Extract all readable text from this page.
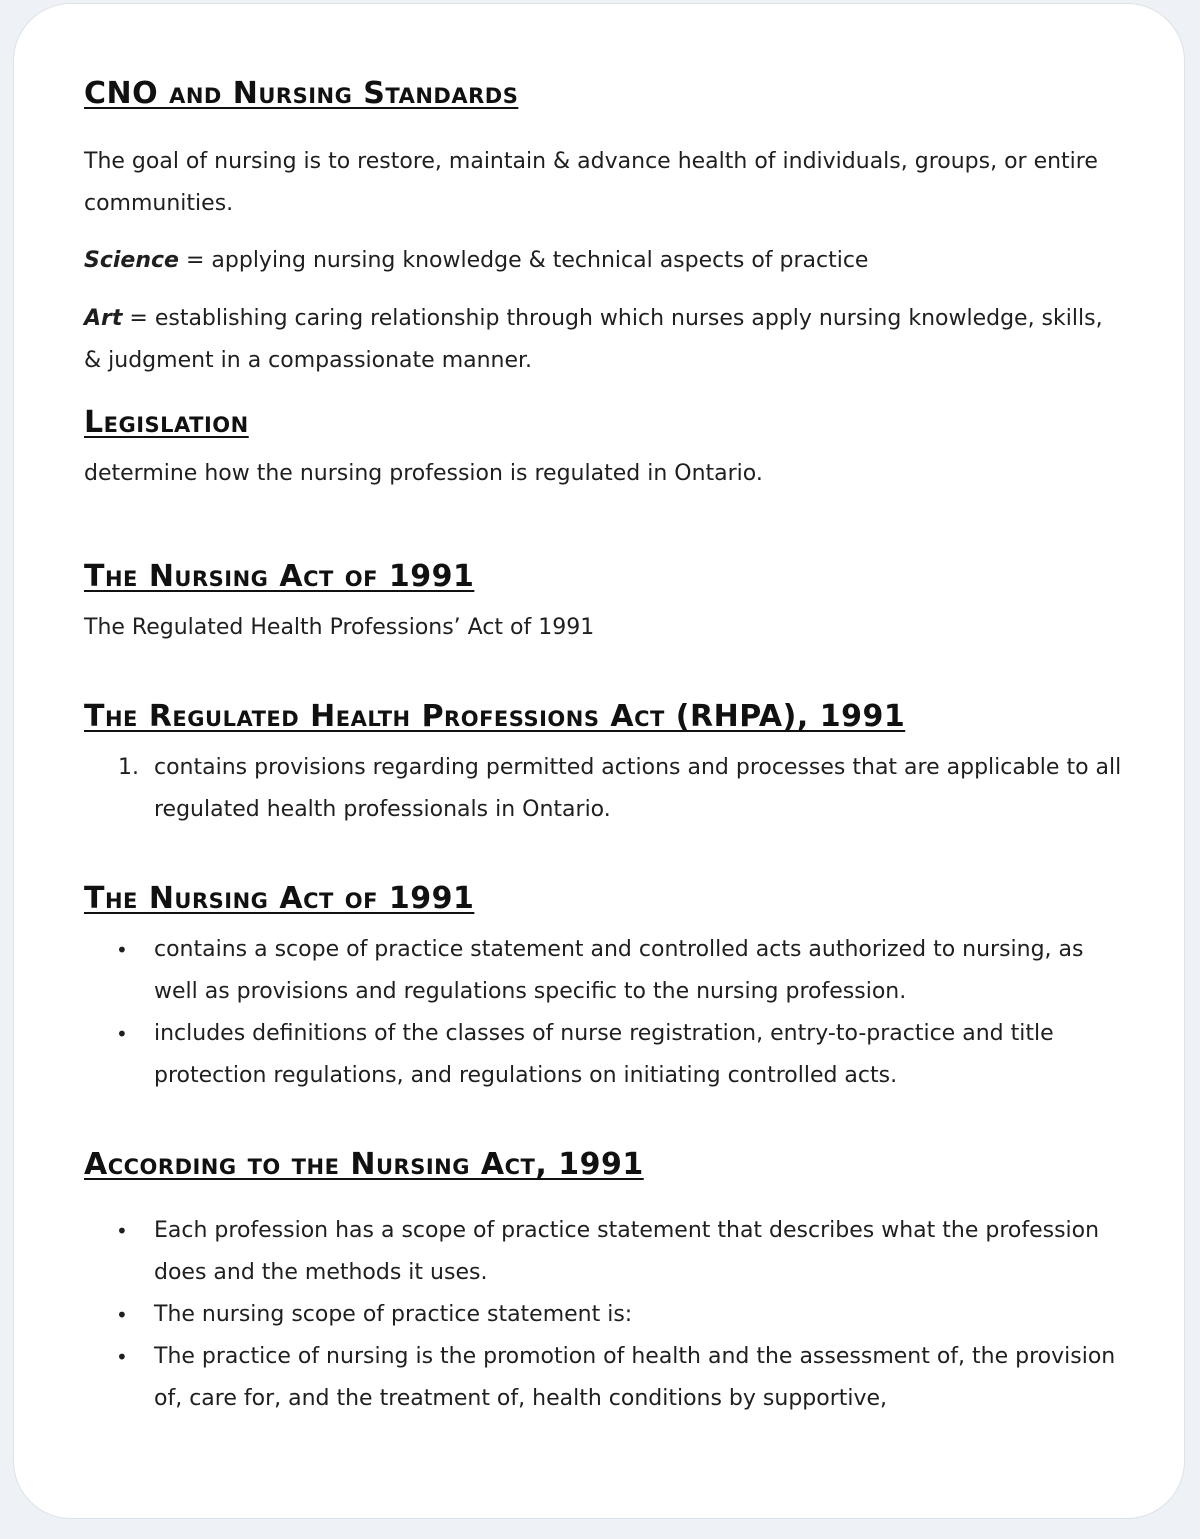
CNO and Nursing Standards

The goal of nursing is to restore, maintain & advance health of individuals, groups, or entire communities.

Science = applying nursing knowledge & technical aspects of practice

Art = establishing caring relationship through which nurses apply nursing knowledge, skills, & judgment in a compassionate manner.

Legislation

determine how the nursing profession is regulated in Ontario.

The Nursing Act of 1991

The Regulated Health Professions’ Act of 1991

The Regulated Health Professions Act (RHPA), 1991
1. contains provisions regarding permitted actions and processes that are applicable to all regulated health professionals in Ontario.
The Nursing Act of 1991
• contains a scope of practice statement and controlled acts authorized to nursing, as well as provisions and regulations specific to the nursing profession.
• includes definitions of the classes of nurse registration, entry-to-practice and title protection regulations, and regulations on initiating controlled acts.
According to the Nursing Act, 1991
• Each profession has a scope of practice statement that describes what the profession does and the methods it uses.
• The nursing scope of practice statement is:
• The practice of nursing is the promotion of health and the assessment of, the provision of, care for, and the treatment of, health conditions by supportive,
